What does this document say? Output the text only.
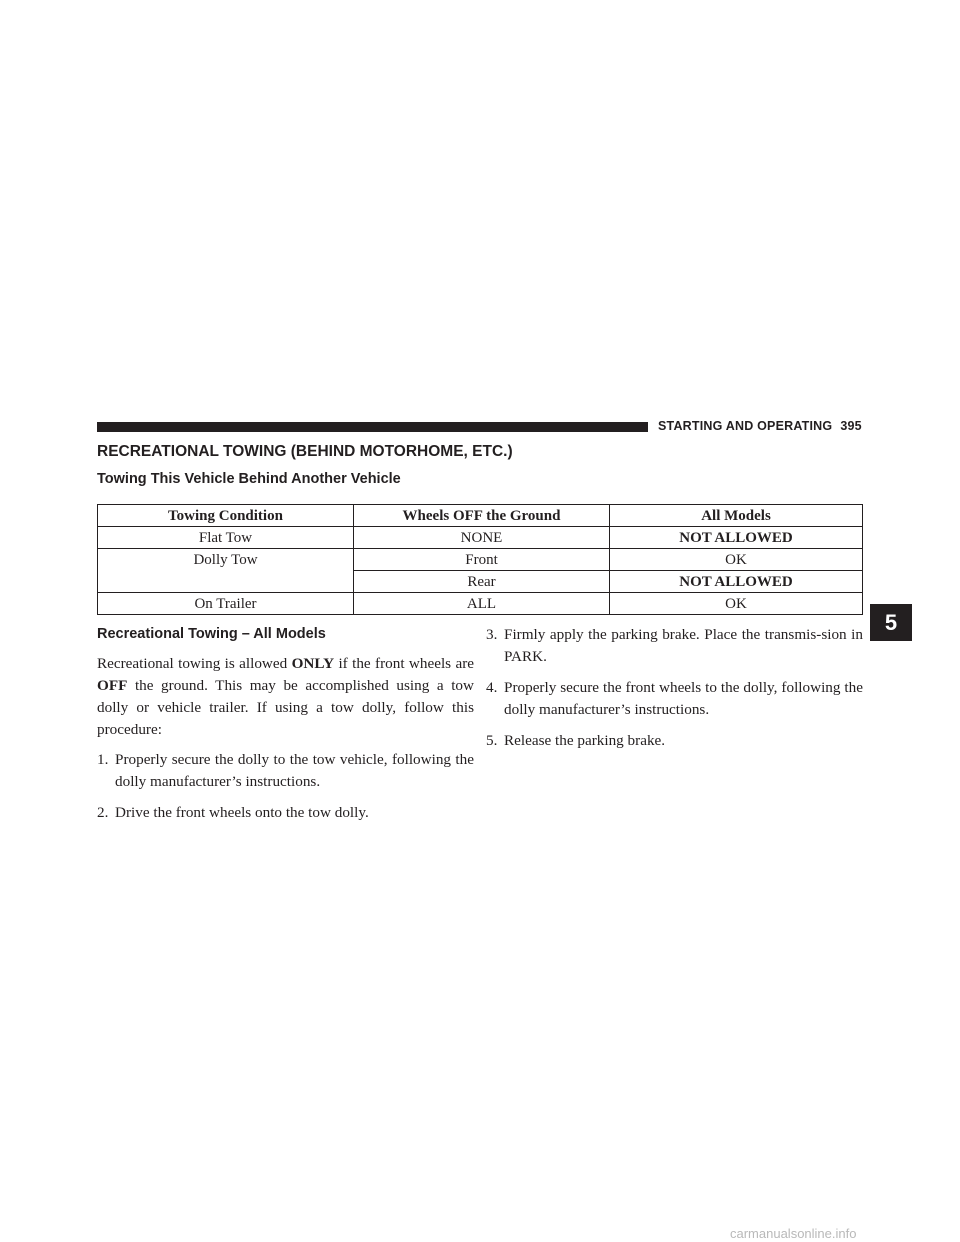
STARTING AND OPERATING 395
RECREATIONAL TOWING (BEHIND MOTORHOME, ETC.)
Towing This Vehicle Behind Another Vehicle
Towing Condition	Wheels OFF the Ground	All Models
Flat Tow	NONE	NOT ALLOWED
Dolly Tow	Front	OK
	Rear	NOT ALLOWED
On Trailer	ALL	OK
Recreational Towing – All Models

Recreational towing is allowed ONLY if the front wheels are OFF the ground. This may be accomplished using a tow dolly or vehicle trailer. If using a tow dolly, follow this procedure:

1. Properly secure the dolly to the tow vehicle, following the dolly manufacturer’s instructions.
2. Drive the front wheels onto the tow dolly.
3. Firmly apply the parking brake. Place the transmis-sion in PARK.
4. Properly secure the front wheels to the dolly, following the dolly manufacturer’s instructions.
5. Release the parking brake.
5
carmanualsonline.info
